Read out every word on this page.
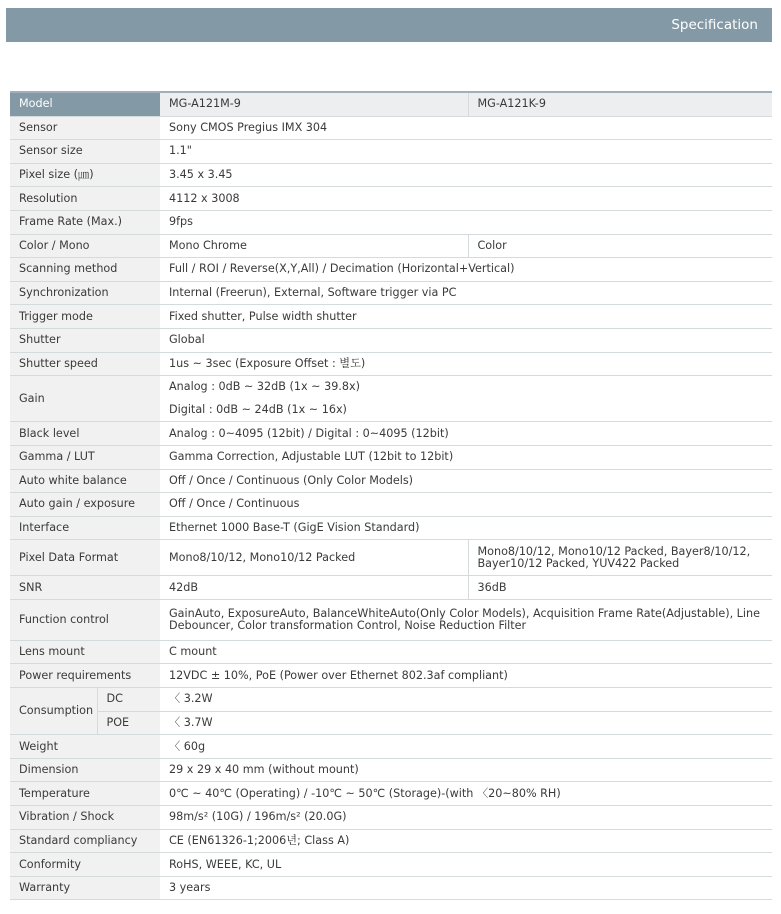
Specification
Model		MG-A121M-9	MG-A121K-9
Sensor		Sony CMOS Pregius IMX 304	
Sensor size		1.1"	
Pixel size (㎛)		3.45 x 3.45	
Resolution		4112 x 3008	
Frame Rate (Max.)		9fps	
Color / Mono		Mono Chrome	Color
Scanning method		Full / ROI / Reverse(X,Y,All) / Decimation (Horizontal+Vertical)	
Synchronization		Internal (Freerun), External, Software trigger via PC	
Trigger mode		Fixed shutter, Pulse width shutter	
Shutter		Global	
Shutter speed		1us ~ 3sec (Exposure Offset : 별도)	
Gain		Analog : 0dB ~ 32dB (1x ~ 39.8x)	
		Digital : 0dB ~ 24dB (1x ~ 16x)	
Black level		Analog : 0~4095 (12bit) / Digital : 0~4095 (12bit)	
Gamma / LUT		Gamma Correction, Adjustable LUT (12bit to 12bit)	
Auto white balance		Off / Once / Continuous (Only Color Models)	
Auto gain / exposure		Off / Once / Continuous	
Interface		Ethernet 1000 Base-T (GigE Vision Standard)	
Pixel Data Format		Mono8/10/12, Mono10/12 Packed	Mono8/10/12, Mono10/12 Packed, Bayer8/10/12, Bayer10/12 Packed, YUV422 Packed
SNR		42dB	36dB
Function control		GainAuto, ExposureAuto, BalanceWhiteAuto(Only Color Models), Acquisition Frame Rate(Adjustable), Line Debouncer, Color transformation Control, Noise Reduction Filter	
Lens mount		C mount	
Power requirements		12VDC ± 10%, PoE (Power over Ethernet 802.3af compliant)	
Consumption	DC	〈 3.2W	
	POE	〈 3.7W	
Weight		〈 60g	
Dimension		29 x 29 x 40 mm (without mount)	
Temperature		0℃ ~ 40℃ (Operating) / -10℃ ~ 50℃ (Storage)-(with 〈20~80% RH)	
Vibration / Shock		98m/s² (10G) / 196m/s² (20.0G)	
Standard compliancy		CE (EN61326-1;2006년; Class A)	
Conformity		RoHS, WEEE, KC, UL	
Warranty		3 years	
